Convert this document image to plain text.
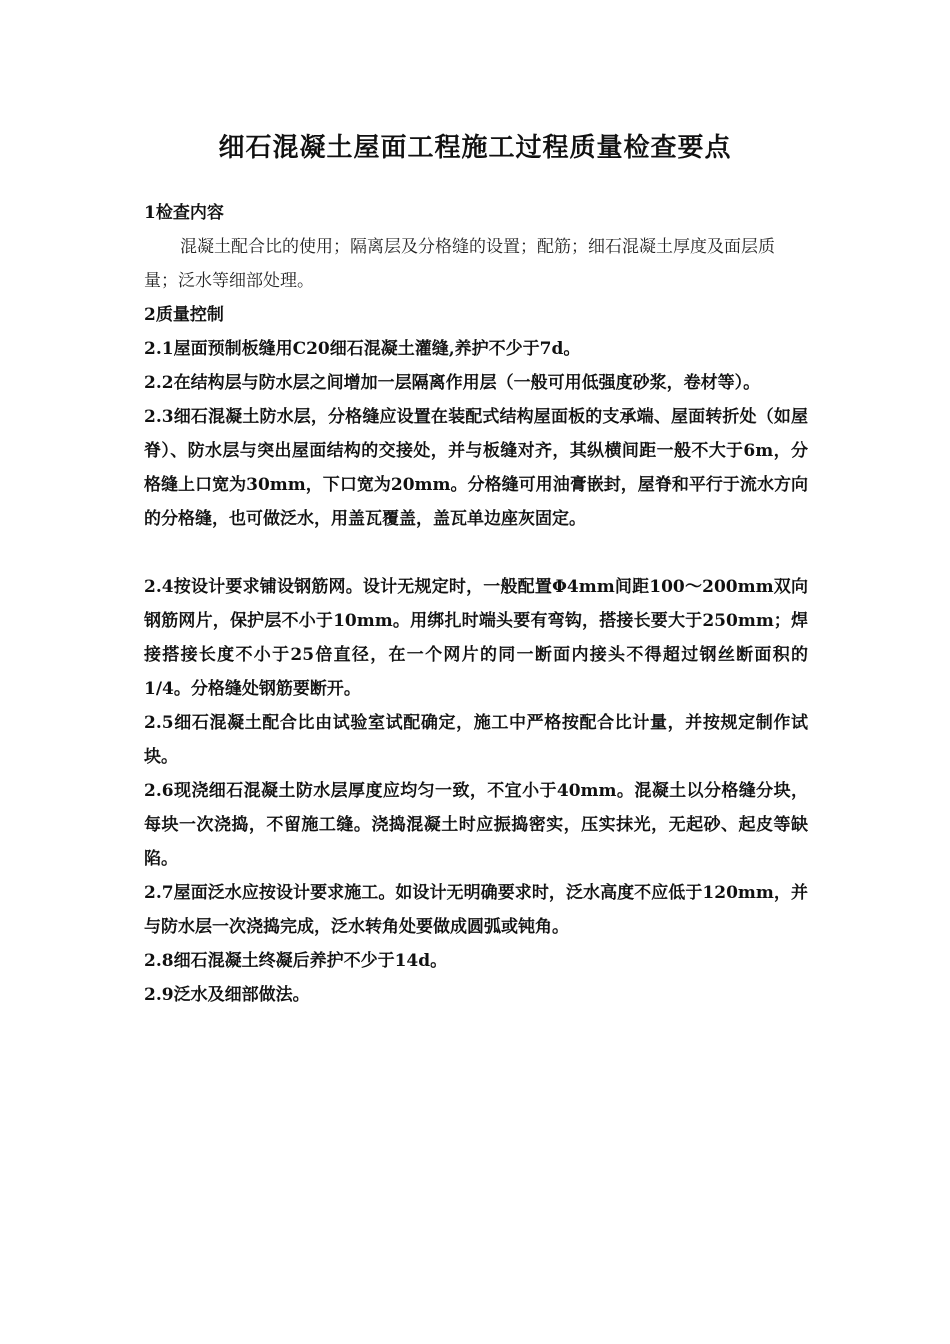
细石混凝土屋面工程施工过程质量检查要点
1检查内容
混凝土配合比的使用；隔离层及分格缝的设置；配筋；细石混凝土厚度及面层质量；泛水等细部处理。
2质量控制
2.1屋面预制板缝用C20细石混凝土灌缝,养护不少于7d。
2.2在结构层与防水层之间增加一层隔离作用层（一般可用低强度砂浆，卷材等）。
2.3细石混凝土防水层，分格缝应设置在装配式结构屋面板的支承端、屋面转折处（如屋脊）、防水层与突出屋面结构的交接处，并与板缝对齐，其纵横间距一般不大于6m，分格缝上口宽为30mm，下口宽为20mm。分格缝可用油膏嵌封，屋脊和平行于流水方向的分格缝，也可做泛水，用盖瓦覆盖，盖瓦单边座灰固定。
2.4按设计要求铺设钢筋网。设计无规定时，一般配置Φ4mm间距100～200mm双向钢筋网片，保护层不小于10mm。用绑扎时端头要有弯钩，搭接长要大于250mm；焊接搭接长度不小于25倍直径，在一个网片的同一断面内接头不得超过钢丝断面积的1/4。分格缝处钢筋要断开。
2.5细石混凝土配合比由试验室试配确定，施工中严格按配合比计量，并按规定制作试块。
2.6现浇细石混凝土防水层厚度应均匀一致，不宜小于40mm。混凝土以分格缝分块，每块一次浇捣，不留施工缝。浇捣混凝土时应振捣密实，压实抹光，无起砂、起皮等缺陷。
2.7屋面泛水应按设计要求施工。如设计无明确要求时，泛水高度不应低于120mm，并与防水层一次浇捣完成，泛水转角处要做成圆弧或钝角。
2.8细石混凝土终凝后养护不少于14d。
2.9泛水及细部做法。
